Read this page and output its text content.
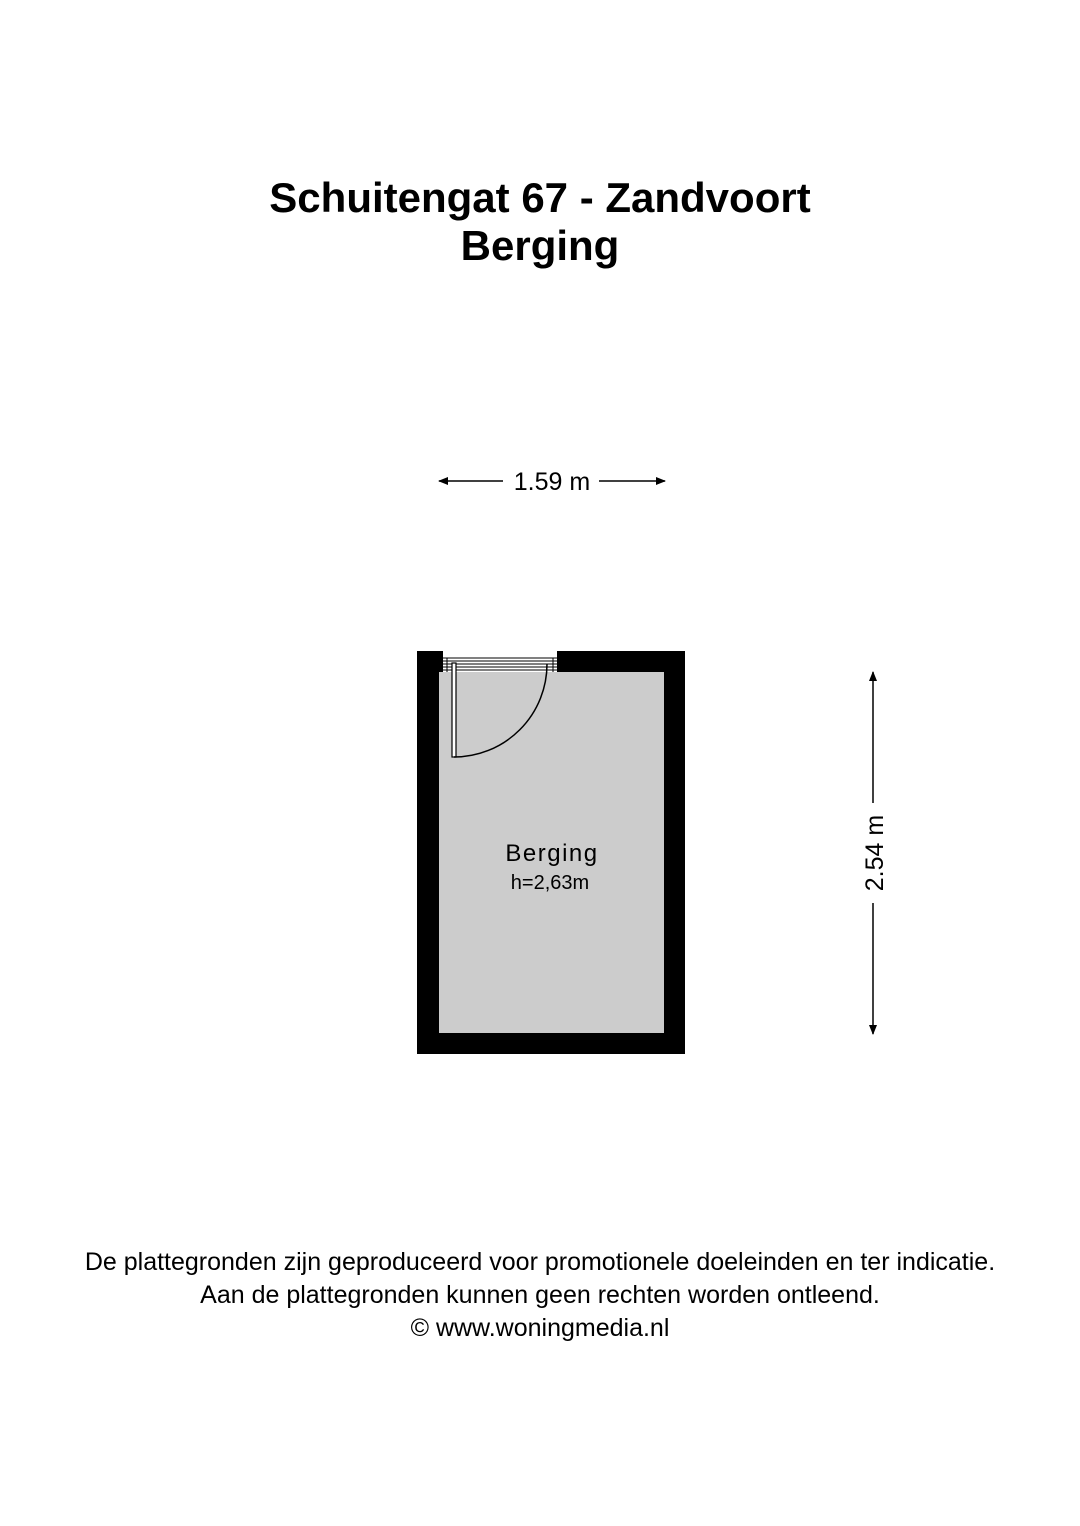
Schuitengat 67 - Zandvoort
Berging
1.59 m
2.54 m
Berging
h=2,63m
De plattegronden zijn geproduceerd voor promotionele doeleinden en ter indicatie.
Aan de plattegronden kunnen geen rechten worden ontleend.
© www.woningmedia.nl
